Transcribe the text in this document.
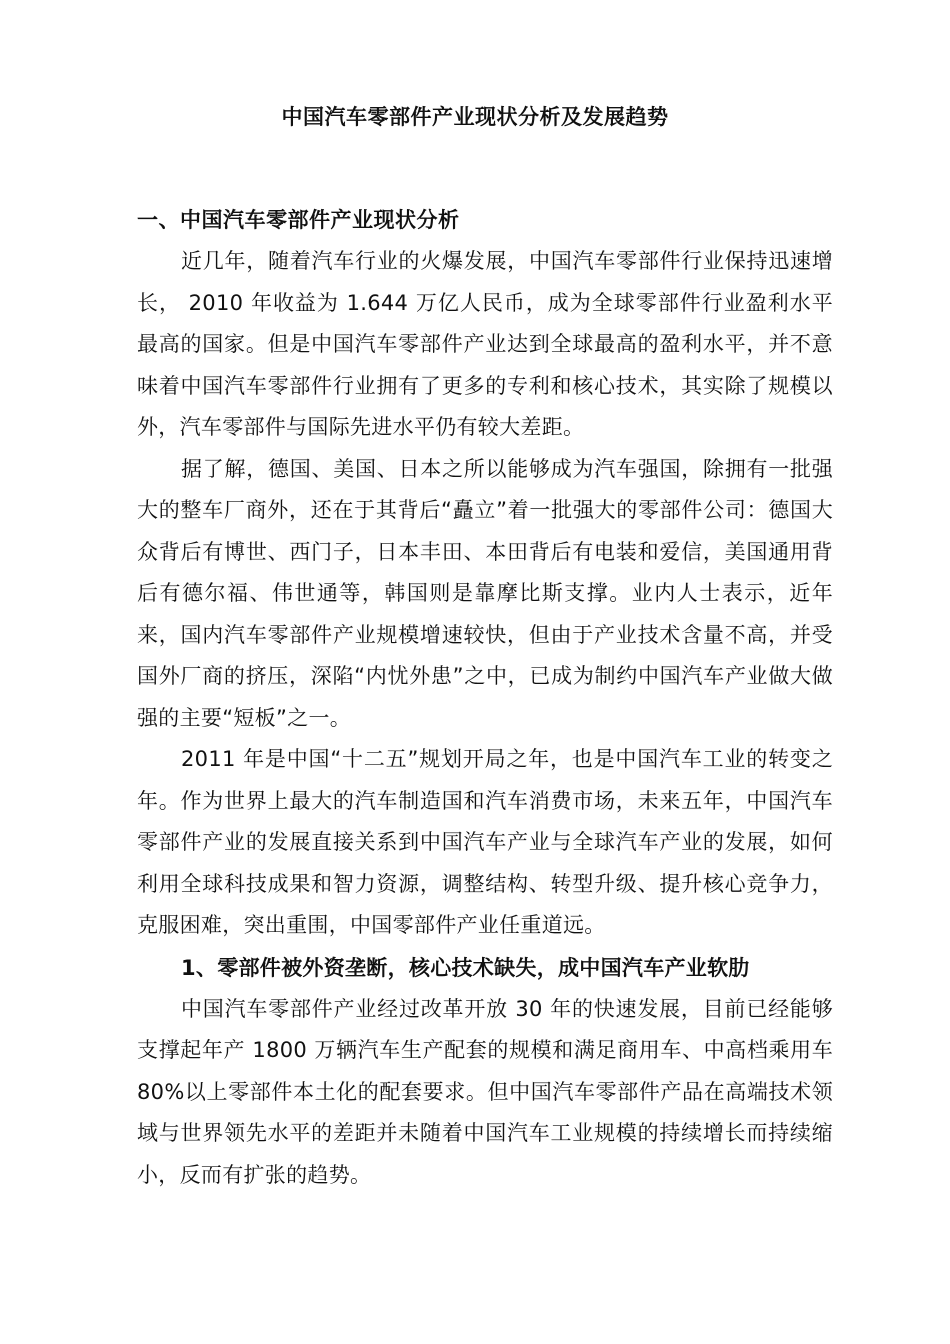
中国汽车零部件产业现状分析及发展趋势
一、中国汽车零部件产业现状分析

近几年，随着汽车行业的火爆发展，中国汽车零部件行业保持迅速增长， 2010 年收益为 1.644 万亿人民币，成为全球零部件行业盈利水平最高的国家。但是中国汽车零部件产业达到全球最高的盈利水平，并不意味着中国汽车零部件行业拥有了更多的专利和核心技术，其实除了规模以外，汽车零部件与国际先进水平仍有较大差距。

据了解，德国、美国、日本之所以能够成为汽车强国，除拥有一批强大的整车厂商外，还在于其背后“矗立”着一批强大的零部件公司：德国大众背后有博世、西门子，日本丰田、本田背后有电装和爱信，美国通用背后有德尔福、伟世通等，韩国则是靠摩比斯支撑。业内人士表示，近年来，国内汽车零部件产业规模增速较快，但由于产业技术含量不高，并受国外厂商的挤压，深陷“内忧外患”之中，已成为制约中国汽车产业做大做强的主要“短板”之一。

2011 年是中国“十二五”规划开局之年，也是中国汽车工业的转变之年。作为世界上最大的汽车制造国和汽车消费市场，未来五年，中国汽车零部件产业的发展直接关系到中国汽车产业与全球汽车产业的发展，如何利用全球科技成果和智力资源，调整结构、转型升级、提升核心竞争力，克服困难，突出重围，中国零部件产业任重道远。

1、零部件被外资垄断，核心技术缺失，成中国汽车产业软肋

中国汽车零部件产业经过改革开放 30 年的快速发展，目前已经能够支撑起年产 1800 万辆汽车生产配套的规模和满足商用车、中高档乘用车 80%以上零部件本土化的配套要求。但中国汽车零部件产品在高端技术领域与世界领先水平的差距并未随着中国汽车工业规模的持续增长而持续缩小，反而有扩张的趋势。
